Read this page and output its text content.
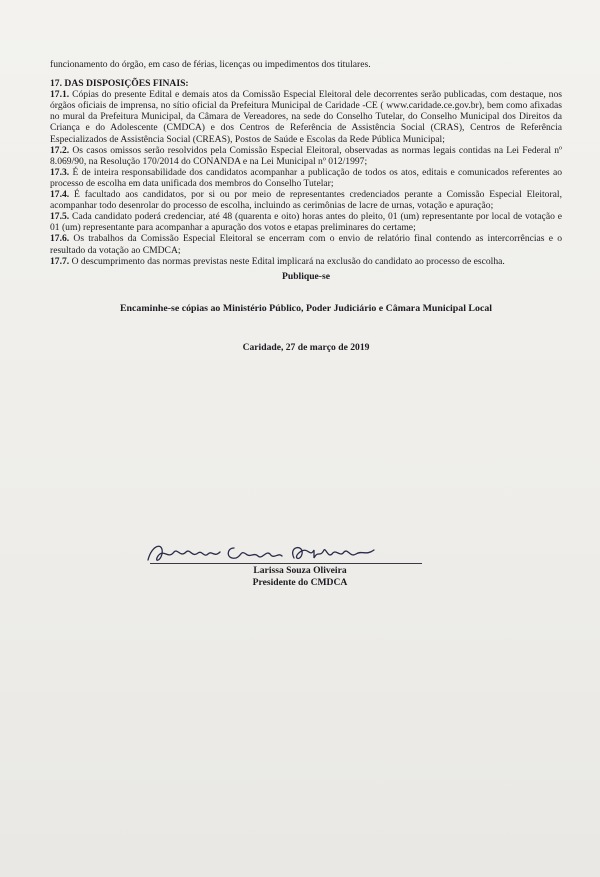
funcionamento do órgão, em caso de férias, licenças ou impedimentos dos titulares.

17. DAS DISPOSIÇÕES FINAIS:

17.1. Cópias do presente Edital e demais atos da Comissão Especial Eleitoral dele decorrentes serão publicadas, com destaque, nos órgãos oficiais de imprensa, no sítio oficial da Prefeitura Municipal de Caridade -CE ( www.caridade.ce.gov.br), bem como afixadas no mural da Prefeitura Municipal, da Câmara de Vereadores, na sede do Conselho Tutelar, do Conselho Municipal dos Direitos da Criança e do Adolescente (CMDCA) e dos Centros de Referência de Assistência Social (CRAS), Centros de Referência Especializados de Assistência Social (CREAS), Postos de Saúde e Escolas da Rede Pública Municipal;

17.2. Os casos omissos serão resolvidos pela Comissão Especial Eleitoral, observadas as normas legais contidas na Lei Federal nº 8.069/90, na Resolução 170/2014 do CONANDA e na Lei Municipal nº 012/1997;

17.3. É de inteira responsabilidade dos candidatos acompanhar a publicação de todos os atos, editais e comunicados referentes ao processo de escolha em data unificada dos membros do Conselho Tutelar;

17.4. É facultado aos candidatos, por si ou por meio de representantes credenciados perante a Comissão Especial Eleitoral, acompanhar todo desenrolar do processo de escolha, incluindo as cerimônias de lacre de urnas, votação e apuração;

17.5. Cada candidato poderá credenciar, até 48 (quarenta e oito) horas antes do pleito, 01 (um) representante por local de votação e 01 (um) representante para acompanhar a apuração dos votos e etapas preliminares do certame;

17.6. Os trabalhos da Comissão Especial Eleitoral se encerram com o envio de relatório final contendo as intercorrências e o resultado da votação ao CMDCA;

17.7. O descumprimento das normas previstas neste Edital implicará na exclusão do candidato ao processo de escolha.

Publique-se

Encaminhe-se cópias ao Ministério Público, Poder Judiciário e Câmara Municipal Local

Caridade, 27 de março de 2019

Larissa Souza Oliveira
Presidente do CMDCA
